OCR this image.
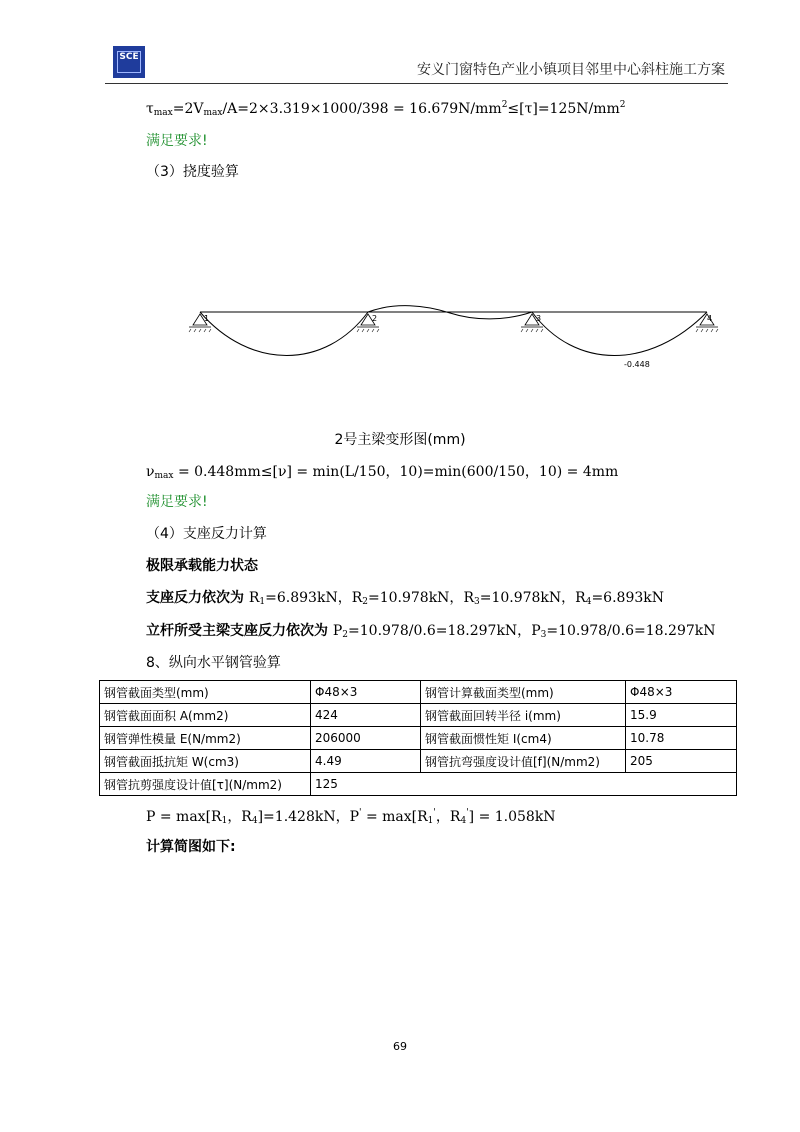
SCE
安义门窗特色产业小镇项目邻里中心斜柱施工方案
$\tau_{max}=2V_{max}/A=2\times 3.319\times 1000/398 = 16.679N/mm^2\le[\tau]=125N/mm^2$
满足要求!
（3）挠度验算
1	2	3	4
-0.448
2号主梁变形图(mm)
$\nu_{max} = 0.448mm\le[\nu] = \min(L/150$，10)=min(600/150，10) = 4mm
满足要求!
（4）支座反力计算
极限承载能力状态
支座反力依次为 $R_1=6.893kN$，$R_2=10.978kN$，$R_3=10.978kN$，$R_4=6.893kN$
立杆所受主梁支座反力依次为 $P_2=10.978/0.6=18.297kN$，$P_3=10.978/0.6=18.297kN$
8、纵向水平钢管验算
钢管截面类型(mm)	Φ48×3	钢管计算截面类型(mm)	Φ48×3
钢管截面面积 A(mm2)	424	钢管截面回转半径 i(mm)	15.9
钢管弹性模量 E(N/mm2)	206000	钢管截面惯性矩 I(cm4)	10.78
钢管截面抵抗矩 W(cm3)	4.49	钢管抗弯强度设计值[f](N/mm2)	205
钢管抗剪强度设计值[τ](N/mm2)	125		
$P = \max[R_1$，$R_4]=1.428kN$，$P' = \max[R_1'$，$R_4'] = 1.058kN$
计算简图如下:
69
